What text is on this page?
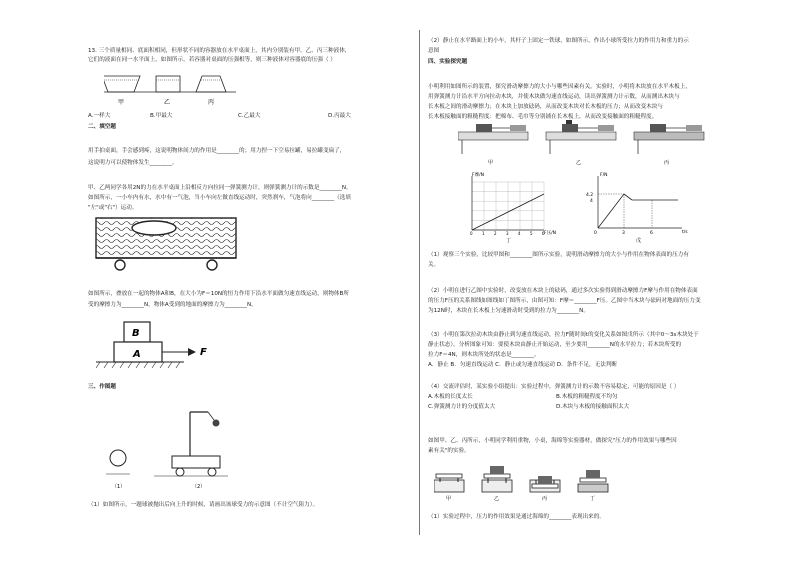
13. 三个质量相同、底面积相同，但形状不同的容器放在水平桌面上，其内分别装有甲、乙、丙三种液体，
它们的液面在同一水平面上，如图所示，若容器对桌面的压强相等，则三种液体对容器底的压强（ ）
甲	乙	丙
A.一样大	B.甲最大	C.乙最大	D.丙最大
二、填空题
用手拍桌面，手会感到疼，这说明物体间力的作用是________的；用力捏一下空易拉罐，易拉罐变扁了，
这说明力可以使物体发生________。
甲、乙两同学各用2N的力在水平桌面上沿相反方向拉同一弹簧测力计，则弹簧测力计的示数是________N。
如图所示，一小车内有水，水中有一气泡，当小车向左做直线运动时，突然刹车，气泡将向________（选填
"左"或"右"）运动。
如图所示，叠放在一起的物体A和B，在大小为F＝10N的恒力作用下沿水平面做匀速直线运动，则物体B所
受的摩擦力为________N，物体A受到的地面的摩擦力为________N。
B
A	F
三、作图题
（1）	（2）
（1）如图所示，一题球被抛出后向上升的时候，请画出该球受力的示意图（不计空气阻力）。
（2）静止在水平路面上的小车，其杆子上固定一铁球，如图所示，作出小球所受拉力的作用力和重力的示
意图
四、实验探究题
小明利用如图所示的装置，探究滑动摩擦力的大小与哪些因素有关。实验时，小明将木块放在水平木板上，
用弹簧测力计沿水平方向拉动木块，并使木块做匀速直线运动，读出弹簧测力计示数，从而测出木块与
长木板之间的滑动摩擦力；在木块上加放砝码，从而改变木块对长木板的压力；从而改变木块与
长木板接触面的粗糙程度：把棉布、毛巾等分别铺在长木板上，从而改变接触面的粗糙程度。
甲	乙	丙
F摩/N
F压/N
0 1 2 3 4 5 6
丁
F/N
t/s
4.2
4
0	3	6
戊
（1）观察三个实验，比较甲图和________图所示实验，说明滑动摩擦力的大小与作用在物体表面的压力有
关。
（2）小明在进行乙图中实验时，改变放在木块上的砝码，通过多次实验得到滑动摩擦力F摩与作用在物体表面
的压力F压的关系图线如图线如丁图所示，由图可知：F摩＝________F压。乙图中当木块与砝码对地面的压力变
为12N时，木块在长木板上匀速滑动时受到的拉力为________N。
（3）小明在第次拉动木块由静止到匀速直线运动，拉力F随时间t的变化关系如图戊所示（其中0～3s木块处于
静止状态）。分析图象可知：要使木块由静止开始运动，至少要用________N的水平拉力；若木块所受的
拉力F＝4N，则木块所处的状态是________。
A．静止 B．匀速直线运动 C．静止或匀速直线运动 D．条件不足，无法判断
（4）交流评估时，某实验小组提出：实验过程中，弹簧测力计的示数不容易稳定，可能的原因是（ ）
A.木板的长度太长	B.木板的粗糙程度不均匀
C.弹簧测力计的分度值太大	D.木块与木板的接触面积太大
如图甲、乙、丙所示，小明同学利用重物，小桌，海绵等实验器材，做探究"压力的作用效果与哪些因
素有关"的实验。
甲	乙	丙	丁
（1）实验过程中，压力的作用效果是通过海绵的________表现出来的。
